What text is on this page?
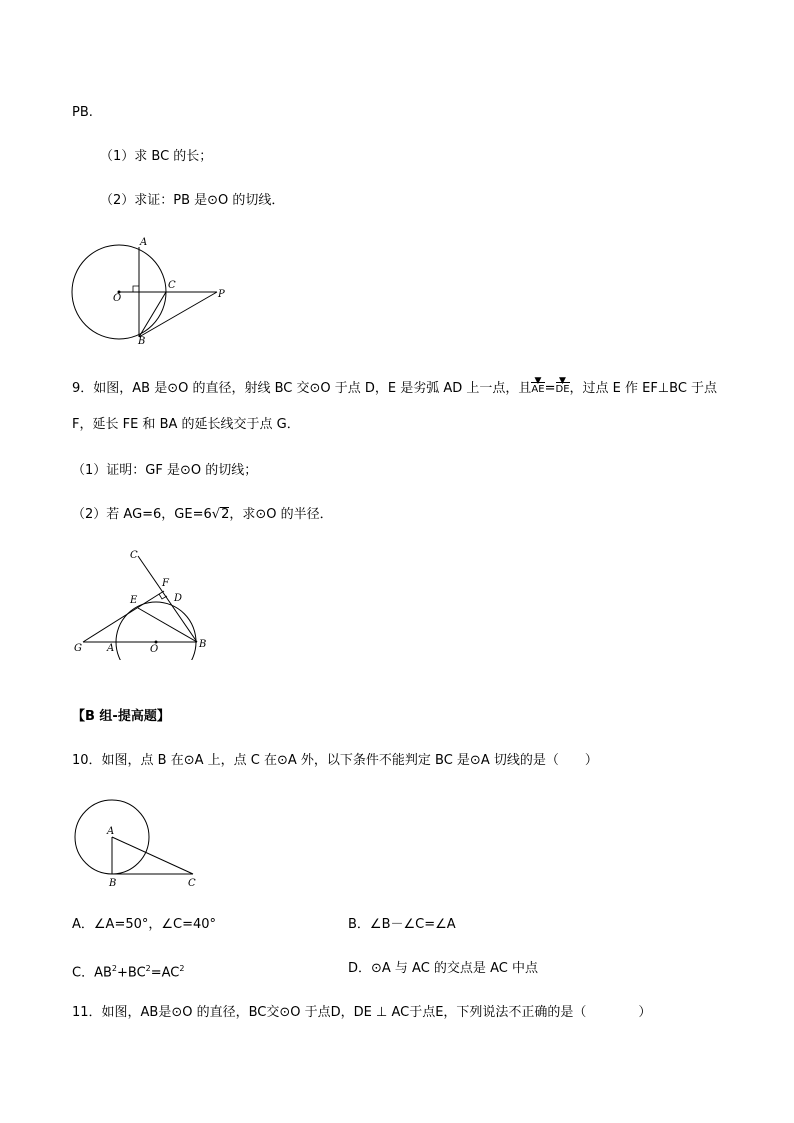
PB.
（1）求 BC 的长；
（2）求证：PB 是⊙O 的切线．
A
O
C
P
B
9．如图，AB 是⊙O 的直径，射线 BC 交⊙O 于点 D，E 是劣弧 AD 上一点，且 ▼
AE= ▼
DE，过点 E 作 EF⊥BC 于点
F，延长 FE 和 BA 的延长线交于点 G．
（1）证明：GF 是⊙O 的切线；
（2）若 AG=6，GE=6√2，求⊙O 的半径．
C
F
E	D
G	A	O	B
【B 组-提高题】
10．如图，点 B 在⊙A 上，点 C 在⊙A 外，以下条件不能判定 BC 是⊙A 切线的是（　　）
A
B	C
A．∠A=50°，∠C=40°	B．∠B－∠C=∠A
C．$AB^2+BC^2=AC^2$	D．⊙A 与 AC 的交点是 AC 中点
11．如图，AB是⊙O 的直径，BC交⊙O 于点D，DE ⊥ AC于点E，下列说法不正确的是（　　　　）
